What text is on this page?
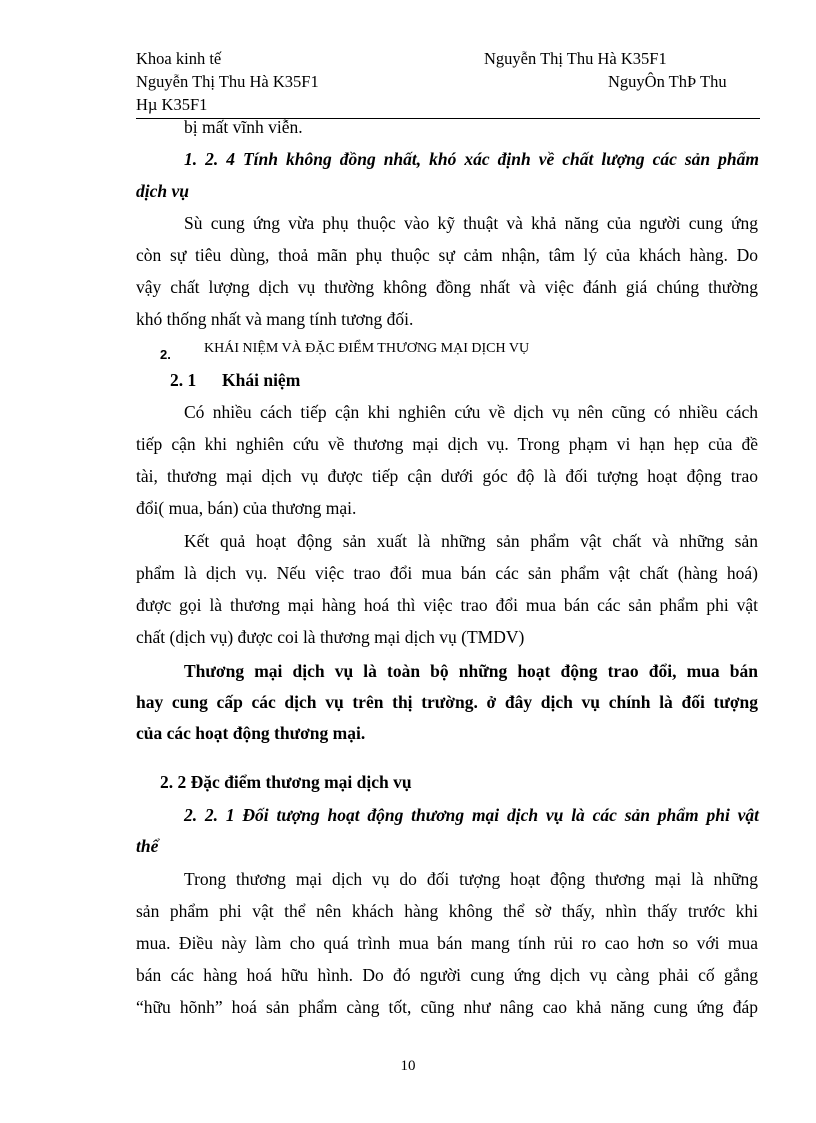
Khoa kinh tế	Nguyễn Thị Thu Hà K35F1
Nguyễn Thị Thu Hà K35F1	NguyÔn ThÞ Thu
Hµ K35F1
bị mất vĩnh viễn.
1. 2. 4 Tính không đồng nhất, khó xác định về chất lượng các sản phẩm
dịch vụ
Sù cung ứng vừa phụ thuộc vào kỹ thuật và khả năng của người cung ứng
còn sự tiêu dùng, thoả mãn phụ thuộc sự cảm nhận, tâm lý của khách hàng. Do
vậy chất lượng dịch vụ thường không đồng nhất và việc đánh giá chúng thường
khó thống nhất và mang tính tương đối.
2. KHÁI NIỆM VÀ ĐẶC ĐIỂM THƯƠNG MẠI DỊCH VỤ
2. 1 Khái niệm
Có nhiều cách tiếp cận khi nghiên cứu về dịch vụ nên cũng có nhiều cách
tiếp cận khi nghiên cứu về thương mại dịch vụ. Trong phạm vi hạn hẹp của đề
tài, thương mại dịch vụ được tiếp cận dưới góc độ là đối tượng hoạt động trao
đổi( mua, bán) của thương mại.
Kết quả hoạt động sản xuất là những sản phẩm vật chất và những sản
phẩm là dịch vụ. Nếu việc trao đổi mua bán các sản phẩm vật chất (hàng hoá)
được gọi là thương mại hàng hoá thì việc trao đổi mua bán các sản phẩm phi vật
chất (dịch vụ) được coi là thương mại dịch vụ (TMDV)
Thương mại dịch vụ là toàn bộ những hoạt động trao đổi, mua bán
hay cung cấp các dịch vụ trên thị trường. ở đây dịch vụ chính là đối tượng
của các hoạt động thương mại.
2. 2 Đặc điểm thương mại dịch vụ
2. 2. 1 Đối tượng hoạt động thương mại dịch vụ là các sản phẩm phi vật
thể
Trong thương mại dịch vụ do đối tượng hoạt động thương mại là những
sản phẩm phi vật thể nên khách hàng không thể sờ thấy, nhìn thấy trước khi
mua. Điều này làm cho quá trình mua bán mang tính rủi ro cao hơn so với mua
bán các hàng hoá hữu hình. Do đó người cung ứng dịch vụ càng phải cố gắng
“hữu hõnh” hoá sản phẩm càng tốt, cũng như nâng cao khả năng cung ứng đáp
10
